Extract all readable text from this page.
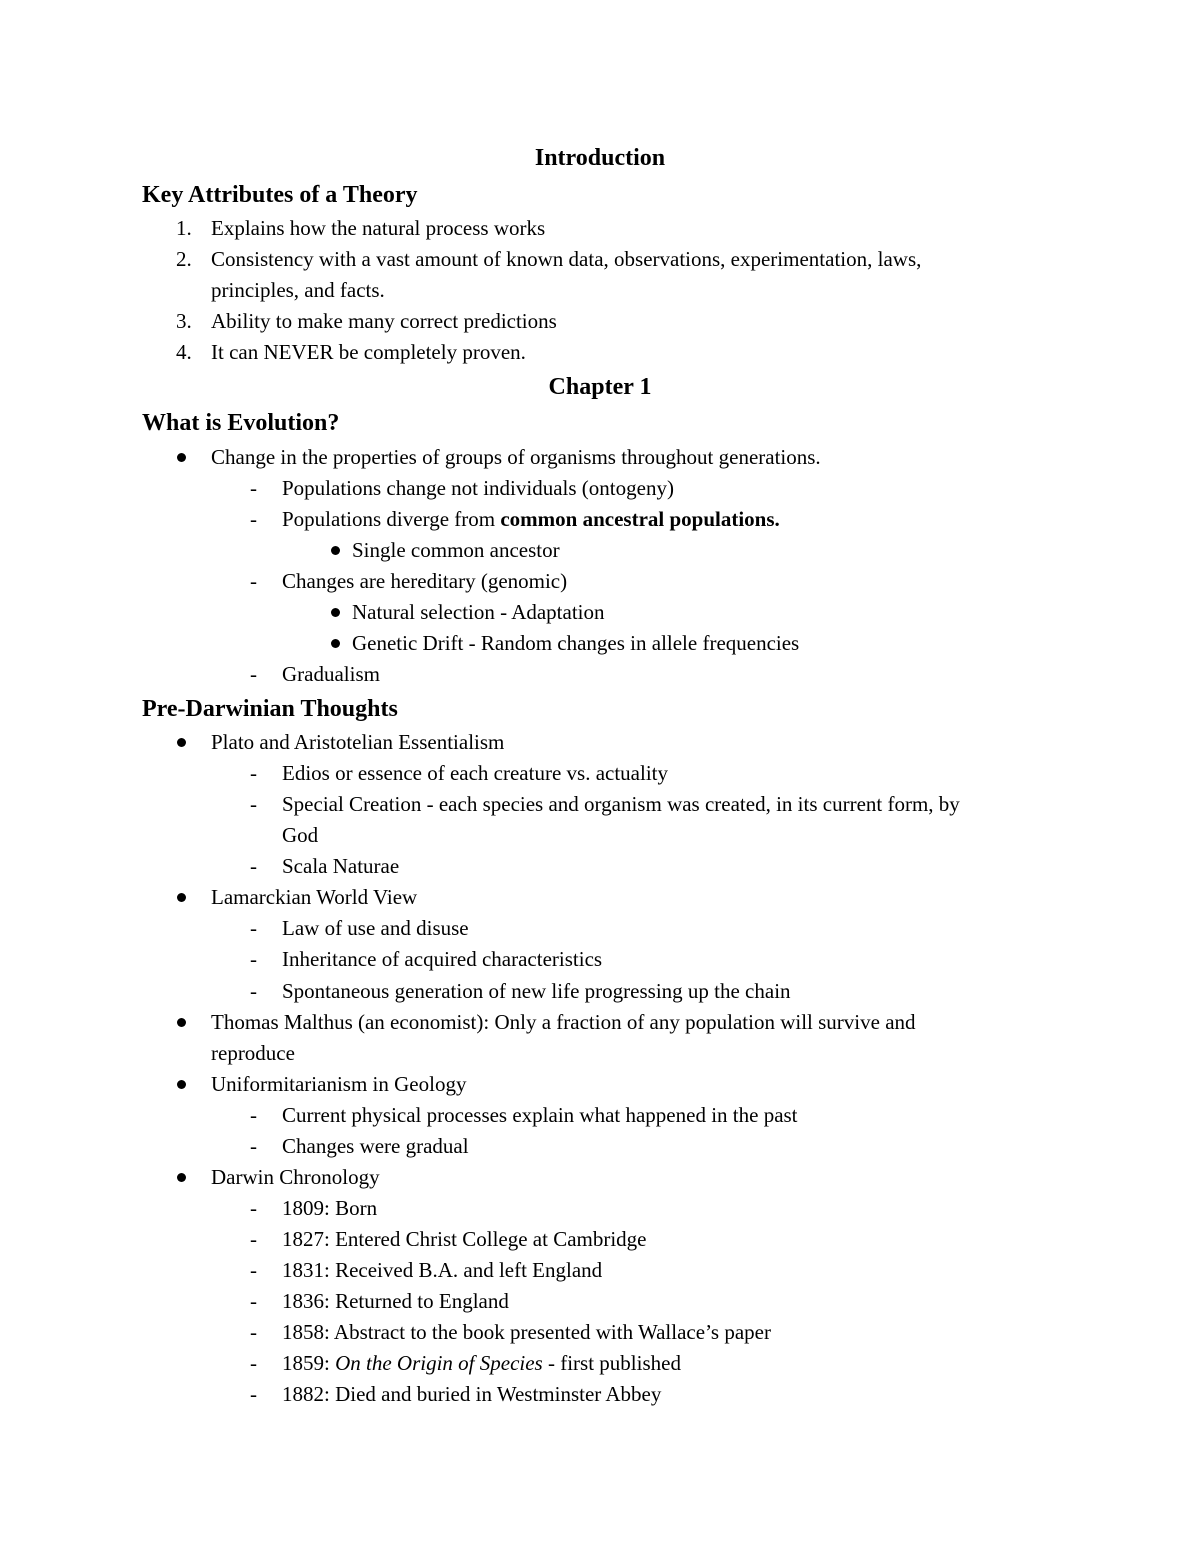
Introduction
Key Attributes of a Theory
1. Explains how the natural process works
2. Consistency with a vast amount of known data, observations, experimentation, laws,
principles, and facts.
3. Ability to make many correct predictions
4. It can NEVER be completely proven.
Chapter 1
What is Evolution?
Change in the properties of groups of organisms throughout generations.
- Populations change not individuals (ontogeny)
- Populations diverge from common ancestral populations.
Single common ancestor
- Changes are hereditary (genomic)
Natural selection - Adaptation
Genetic Drift - Random changes in allele frequencies
- Gradualism
Pre-Darwinian Thoughts
Plato and Aristotelian Essentialism
- Edios or essence of each creature vs. actuality
- Special Creation - each species and organism was created, in its current form, by
God
- Scala Naturae
Lamarckian World View
- Law of use and disuse
- Inheritance of acquired characteristics
- Spontaneous generation of new life progressing up the chain
Thomas Malthus (an economist): Only a fraction of any population will survive and
reproduce
Uniformitarianism in Geology
- Current physical processes explain what happened in the past
- Changes were gradual
Darwin Chronology
- 1809: Born
- 1827: Entered Christ College at Cambridge
- 1831: Received B.A. and left England
- 1836: Returned to England
- 1858: Abstract to the book presented with Wallace’s paper
- 1859: On the Origin of Species - first published
- 1882: Died and buried in Westminster Abbey
